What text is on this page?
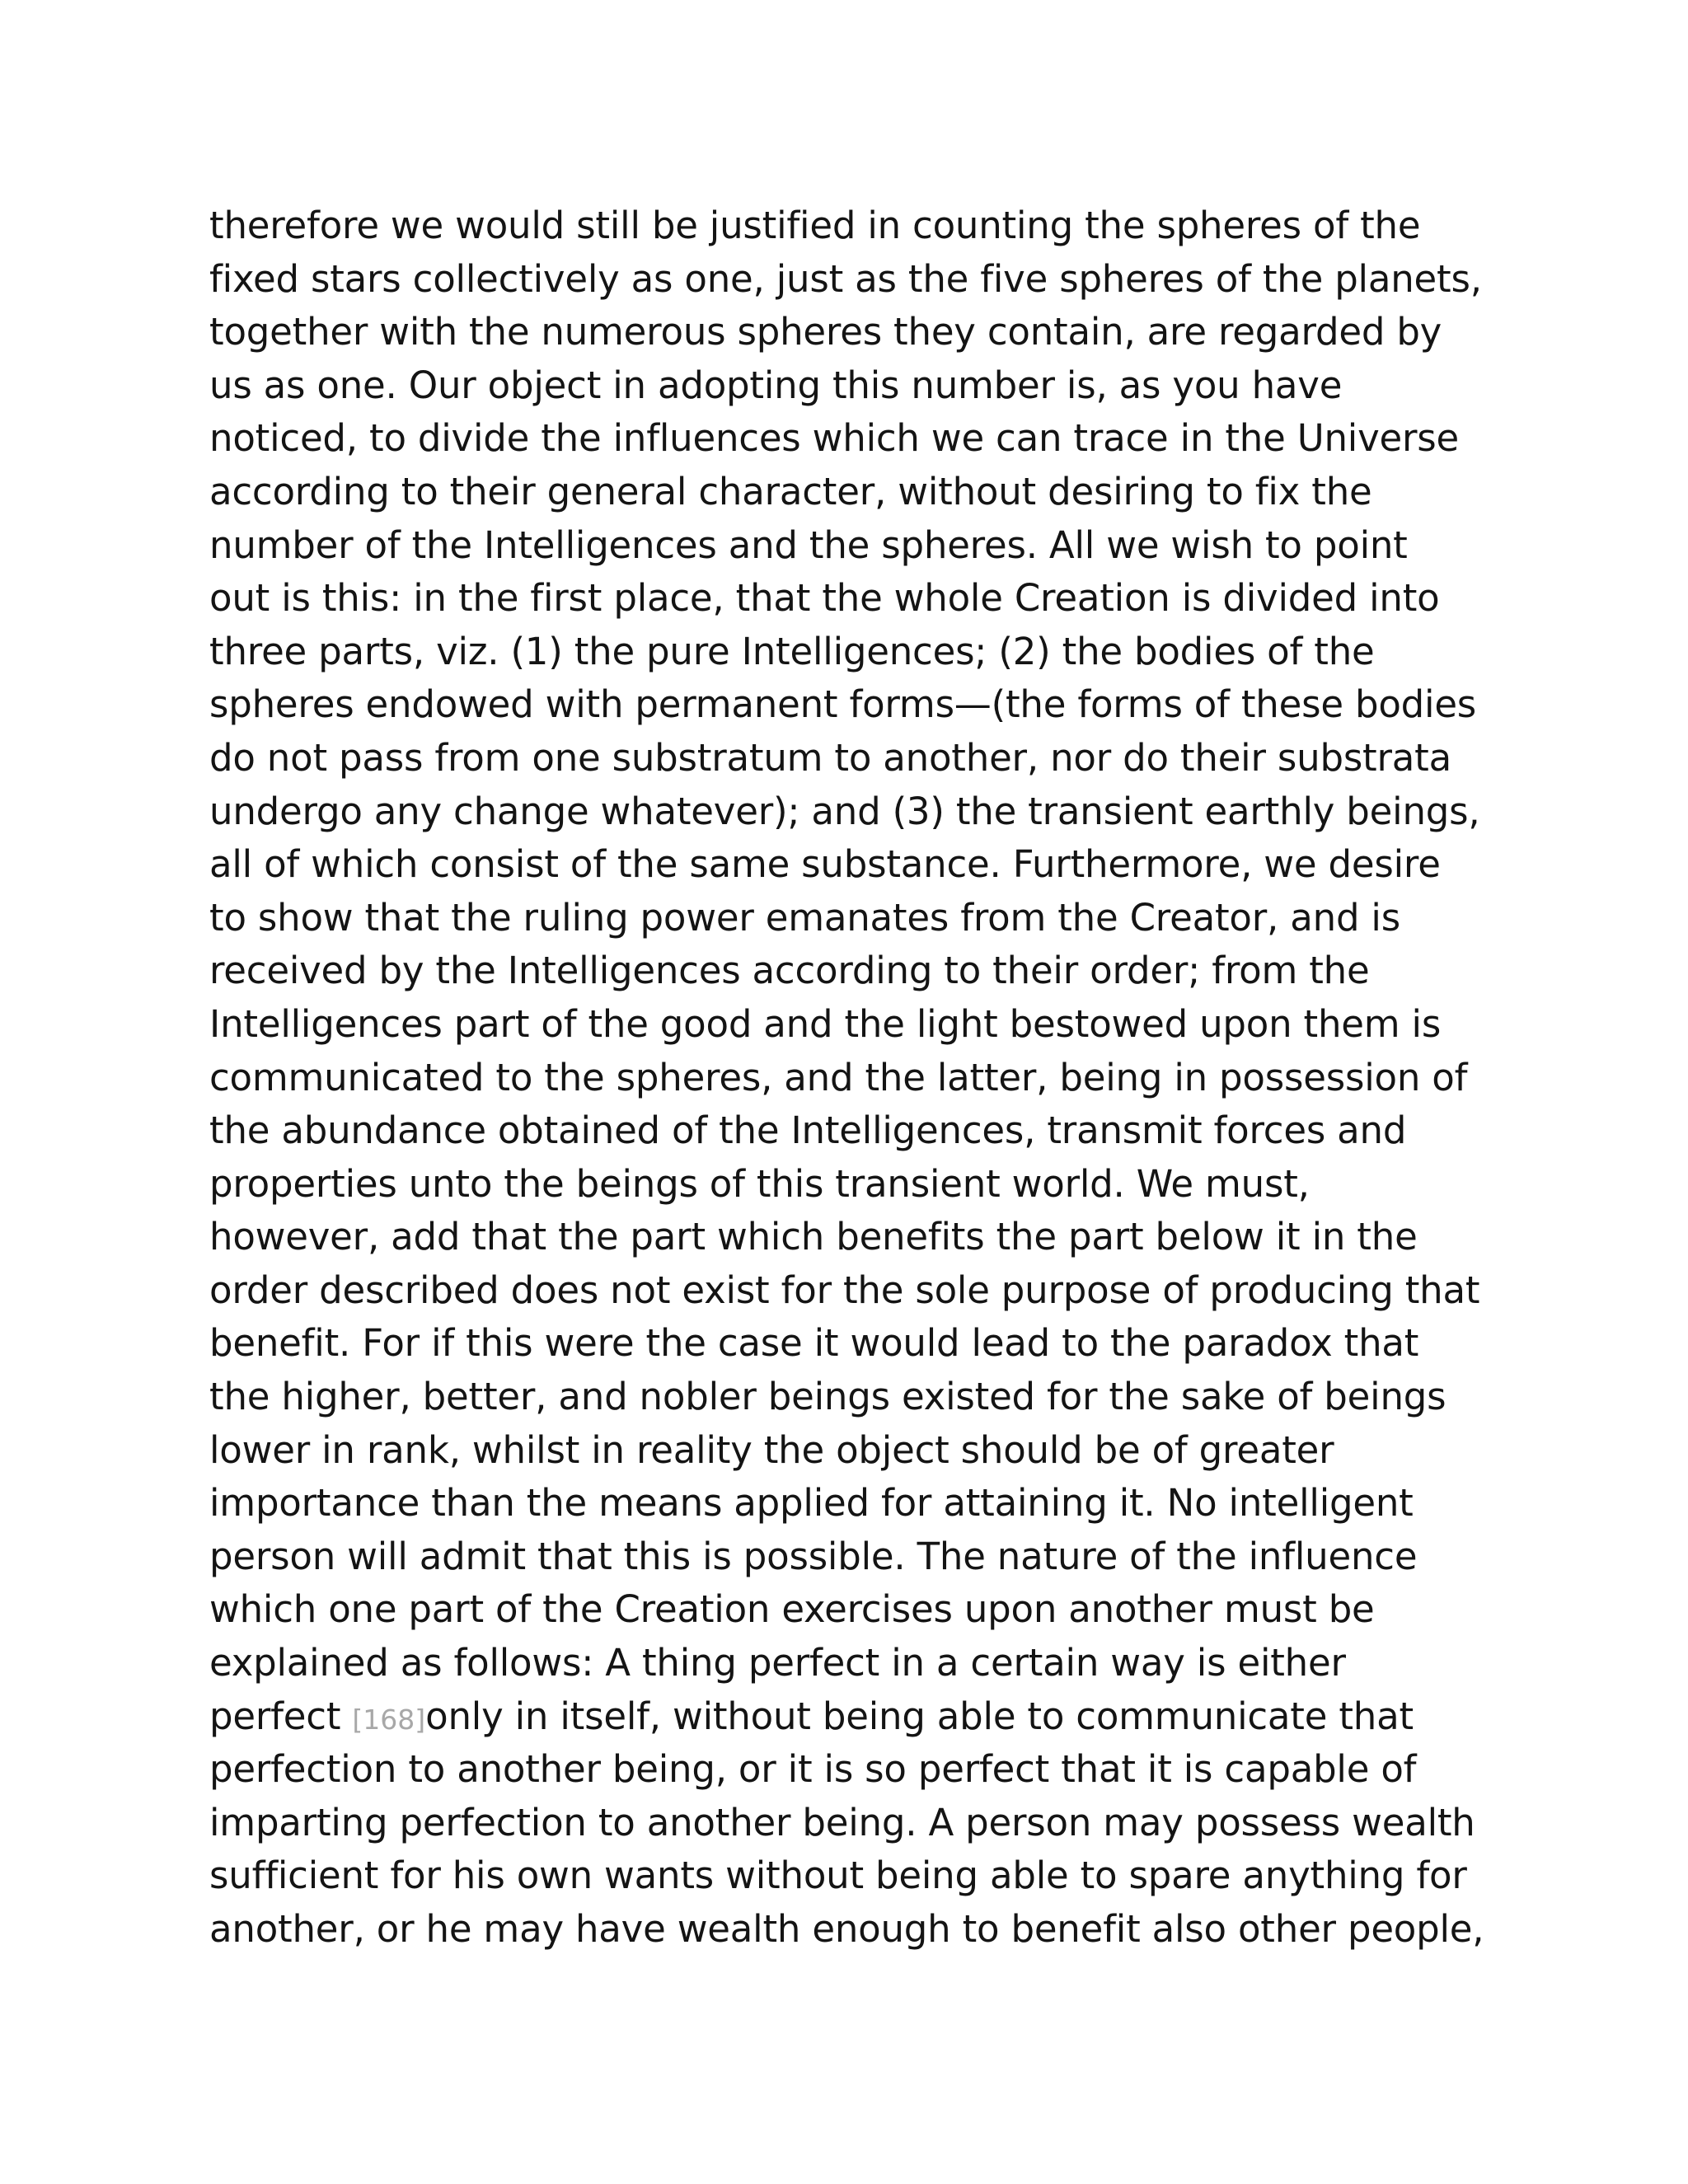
therefore we would still be justified in counting the spheres of the
fixed stars collectively as one, just as the five spheres of the planets,
together with the numerous spheres they contain, are regarded by
us as one. Our object in adopting this number is, as you have
noticed, to divide the influences which we can trace in the Universe
according to their general character, without desiring to fix the
number of the Intelligences and the spheres. All we wish to point
out is this: in the first place, that the whole Creation is divided into
three parts, viz. (1) the pure Intelligences; (2) the bodies of the
spheres endowed with permanent forms—(the forms of these bodies
do not pass from one substratum to another, nor do their substrata
undergo any change whatever); and (3) the transient earthly beings,
all of which consist of the same substance. Furthermore, we desire
to show that the ruling power emanates from the Creator, and is
received by the Intelligences according to their order; from the
Intelligences part of the good and the light bestowed upon them is
communicated to the spheres, and the latter, being in possession of
the abundance obtained of the Intelligences, transmit forces and
properties unto the beings of this transient world. We must,
however, add that the part which benefits the part below it in the
order described does not exist for the sole purpose of producing that
benefit. For if this were the case it would lead to the paradox that
the higher, better, and nobler beings existed for the sake of beings
lower in rank, whilst in reality the object should be of greater
importance than the means applied for attaining it. No intelligent
person will admit that this is possible. The nature of the influence
which one part of the Creation exercises upon another must be
explained as follows: A thing perfect in a certain way is either
perfect [168]only in itself, without being able to communicate that
perfection to another being, or it is so perfect that it is capable of
imparting perfection to another being. A person may possess wealth
sufficient for his own wants without being able to spare anything for
another, or he may have wealth enough to benefit also other people,
